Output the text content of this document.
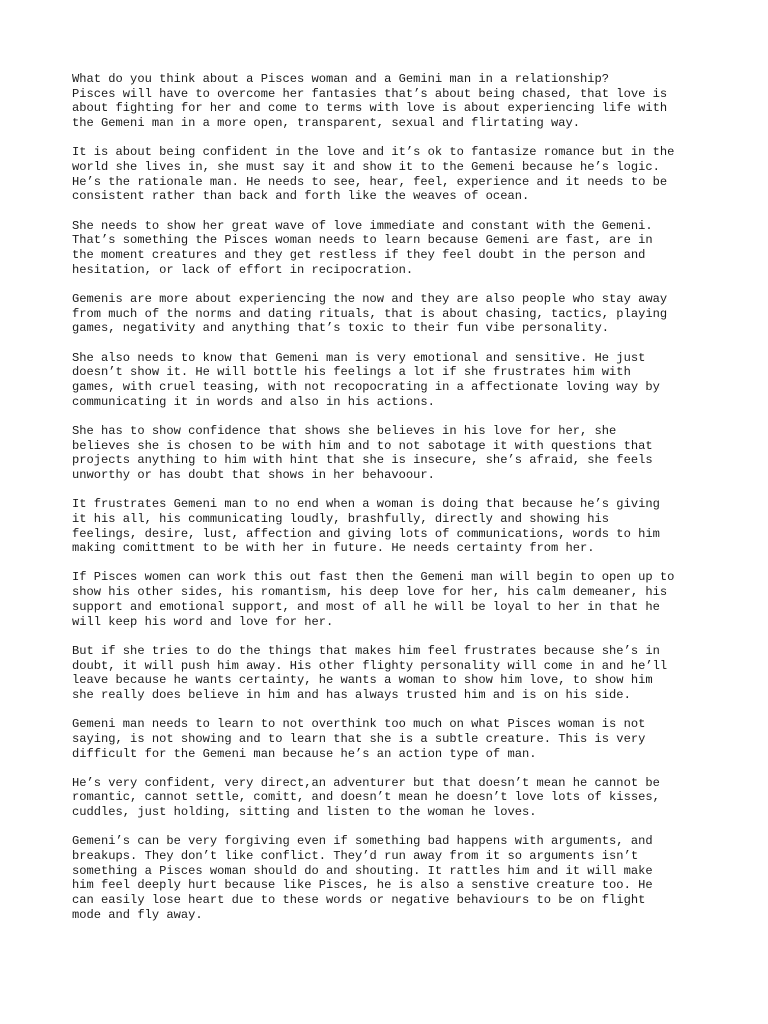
What do you think about a Pisces woman and a Gemini man in a relationship?
Pisces will have to overcome her fantasies that’s about being chased, that love is
about fighting for her and come to terms with love is about experiencing life with
the Gemeni man in a more open, transparent, sexual and flirtating way.

It is about being confident in the love and it’s ok to fantasize romance but in the
world she lives in, she must say it and show it to the Gemeni because he’s logic.
He’s the rationale man. He needs to see, hear, feel, experience and it needs to be
consistent rather than back and forth like the weaves of ocean.

She needs to show her great wave of love immediate and constant with the Gemeni.
That’s something the Pisces woman needs to learn because Gemeni are fast, are in
the moment creatures and they get restless if they feel doubt in the person and
hesitation, or lack of effort in recipocration.

Gemenis are more about experiencing the now and they are also people who stay away
from much of the norms and dating rituals, that is about chasing, tactics, playing
games, negativity and anything that’s toxic to their fun vibe personality.

She also needs to know that Gemeni man is very emotional and sensitive. He just
doesn’t show it. He will bottle his feelings a lot if she frustrates him with
games, with cruel teasing, with not recopocrating in a affectionate loving way by
communicating it in words and also in his actions.

She has to show confidence that shows she believes in his love for her, she
believes she is chosen to be with him and to not sabotage it with questions that
projects anything to him with hint that she is insecure, she’s afraid, she feels
unworthy or has doubt that shows in her behavoour.

It frustrates Gemeni man to no end when a woman is doing that because he’s giving
it his all, his communicating loudly, brashfully, directly and showing his
feelings, desire, lust, affection and giving lots of communications, words to him
making comittment to be with her in future. He needs certainty from her.

If Pisces women can work this out fast then the Gemeni man will begin to open up to
show his other sides, his romantism, his deep love for her, his calm demeaner, his
support and emotional support, and most of all he will be loyal to her in that he
will keep his word and love for her.

But if she tries to do the things that makes him feel frustrates because she’s in
doubt, it will push him away. His other flighty personality will come in and he’ll
leave because he wants certainty, he wants a woman to show him love, to show him
she really does believe in him and has always trusted him and is on his side.

Gemeni man needs to learn to not overthink too much on what Pisces woman is not
saying, is not showing and to learn that she is a subtle creature. This is very
difficult for the Gemeni man because he’s an action type of man.

He’s very confident, very direct,an adventurer but that doesn’t mean he cannot be
romantic, cannot settle, comitt, and doesn’t mean he doesn’t love lots of kisses,
cuddles, just holding, sitting and listen to the woman he loves.

Gemeni’s can be very forgiving even if something bad happens with arguments, and
breakups. They don’t like conflict. They’d run away from it so arguments isn’t
something a Pisces woman should do and shouting. It rattles him and it will make
him feel deeply hurt because like Pisces, he is also a senstive creature too. He
can easily lose heart due to these words or negative behaviours to be on flight
mode and fly away.
